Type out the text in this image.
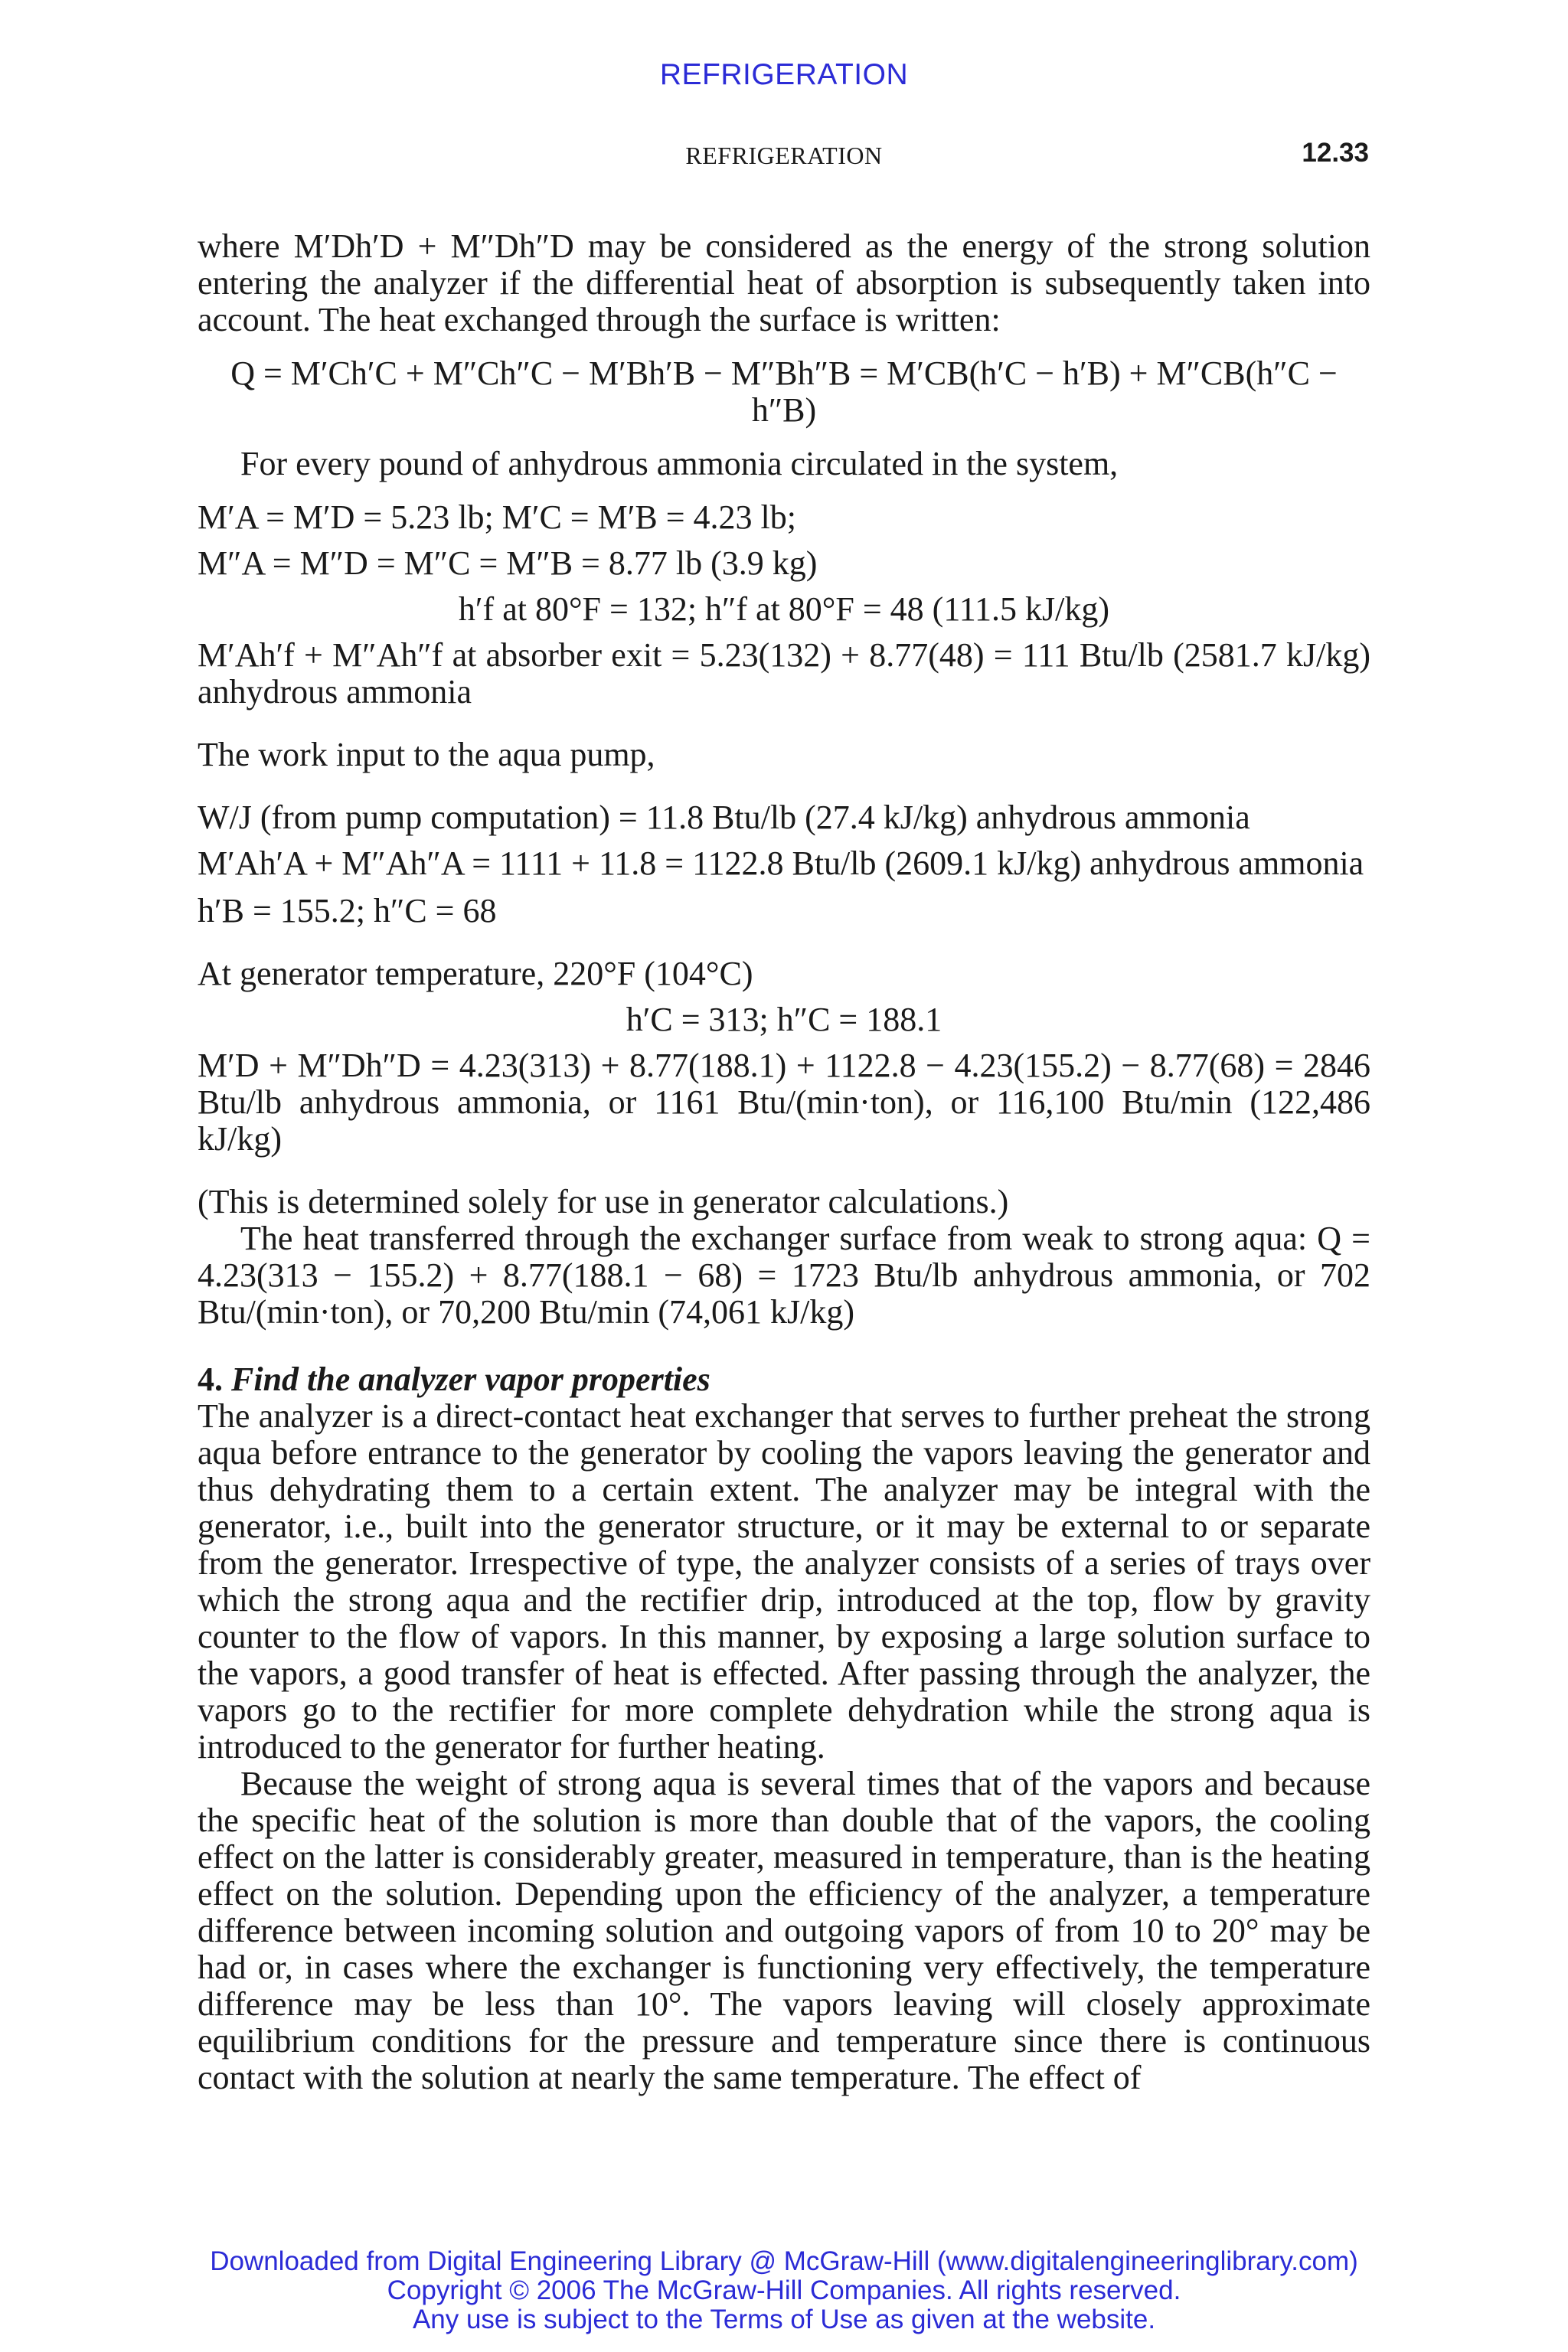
REFRIGERATION
REFRIGERATION	12.33

where M′Dh′D + M″Dh″D may be considered as the energy of the strong solution entering the analyzer if the differential heat of absorption is subsequently taken into account. The heat exchanged through the surface is written:

Q = M′Ch′C + M″Ch″C − M′Bh′B − M″Bh″B = M′CB(h′C − h′B) + M″CB(h″C − h″B)

For every pound of anhydrous ammonia circulated in the system,

M′A = M′D = 5.23 lb; M′C = M′B = 4.23 lb;

M″A = M″D = M″C = M″B = 8.77 lb (3.9 kg)

h′f at 80°F = 132; h″f at 80°F = 48 (111.5 kJ/kg)

M′Ah′f + M″Ah″f at absorber exit = 5.23(132) + 8.77(48) = 111 Btu/lb (2581.7 kJ/kg) anhydrous ammonia

The work input to the aqua pump,

W/J (from pump computation) = 11.8 Btu/lb (27.4 kJ/kg) anhydrous ammonia

M′Ah′A + M″Ah″A = 1111 + 11.8 = 1122.8 Btu/lb (2609.1 kJ/kg) anhydrous ammonia

h′B = 155.2; h″C = 68

At generator temperature, 220°F (104°C)

h′C = 313; h″C = 188.1

M′D + M″Dh″D = 4.23(313) + 8.77(188.1) + 1122.8 − 4.23(155.2) − 8.77(68) = 2846 Btu/lb anhydrous ammonia, or 1161 Btu/(min·ton), or 116,100 Btu/min (122,486 kJ/kg)

(This is determined solely for use in generator calculations.)

The heat transferred through the exchanger surface from weak to strong aqua: Q = 4.23(313 − 155.2) + 8.77(188.1 − 68) = 1723 Btu/lb anhydrous ammonia, or 702 Btu/(min·ton), or 70,200 Btu/min (74,061 kJ/kg)

4. Find the analyzer vapor properties

The analyzer is a direct-contact heat exchanger that serves to further preheat the strong aqua before entrance to the generator by cooling the vapors leaving the generator and thus dehydrating them to a certain extent. The analyzer may be integral with the generator, i.e., built into the generator structure, or it may be external to or separate from the generator. Irrespective of type, the analyzer consists of a series of trays over which the strong aqua and the rectifier drip, introduced at the top, flow by gravity counter to the flow of vapors. In this manner, by exposing a large solution surface to the vapors, a good transfer of heat is effected. After passing through the analyzer, the vapors go to the rectifier for more complete dehydration while the strong aqua is introduced to the generator for further heating.

Because the weight of strong aqua is several times that of the vapors and because the specific heat of the solution is more than double that of the vapors, the cooling effect on the latter is considerably greater, measured in temperature, than is the heating effect on the solution. Depending upon the efficiency of the analyzer, a temperature difference between incoming solution and outgoing vapors of from 10 to 20° may be had or, in cases where the exchanger is functioning very effectively, the temperature difference may be less than 10°. The vapors leaving will closely approximate equilibrium conditions for the pressure and temperature since there is continuous contact with the solution at nearly the same temperature. The effect of

Downloaded from Digital Engineering Library @ McGraw-Hill (www.digitalengineeringlibrary.com)
Copyright © 2006 The McGraw-Hill Companies. All rights reserved.
Any use is subject to the Terms of Use as given at the website.
